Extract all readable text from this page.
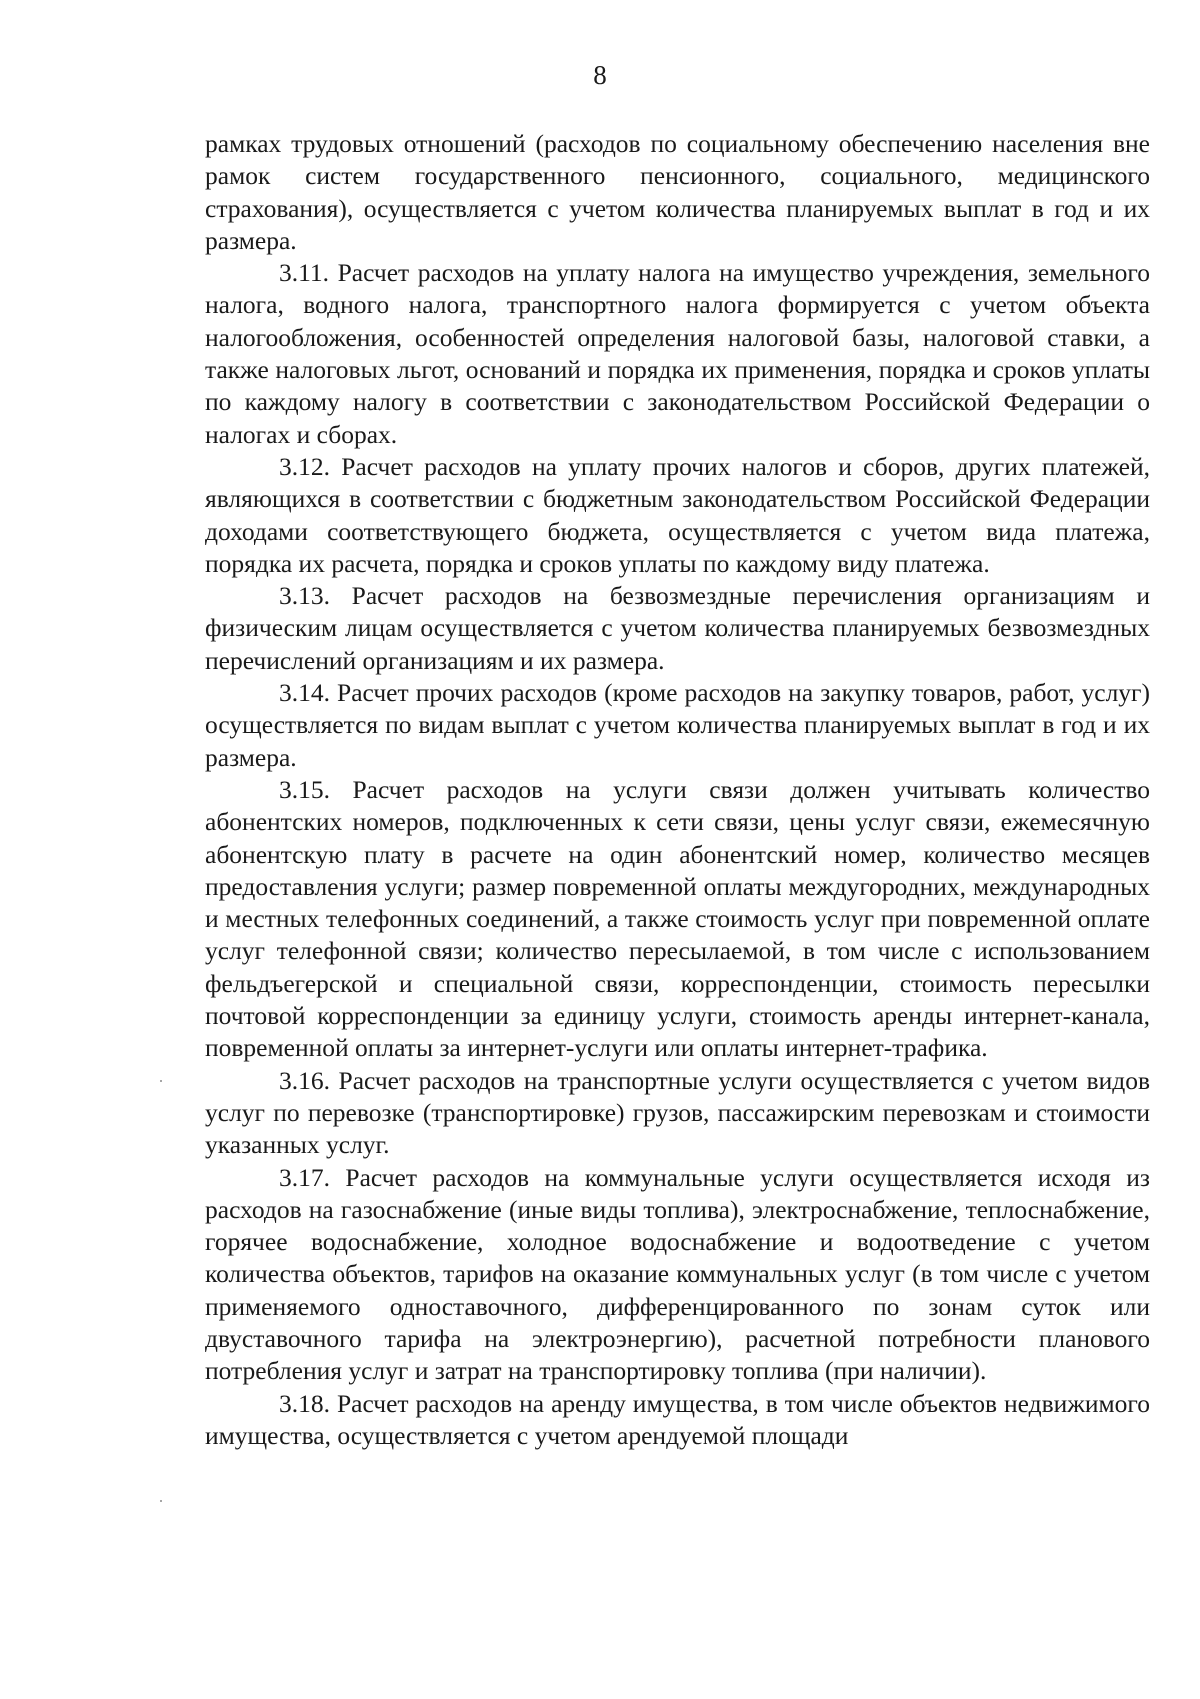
8

рамках трудовых отношений (расходов по социальному обеспечению населения вне рамок систем государственного пенсионного, социального, медицинского страхования), осуществляется с учетом количества планируемых выплат в год и их размера.

3.11. Расчет расходов на уплату налога на имущество учреждения, земельного налога, водного налога, транспортного налога формируется с учетом объекта налогообложения, особенностей определения налоговой базы, налоговой ставки, а также налоговых льгот, оснований и порядка их применения, порядка и сроков уплаты по каждому налогу в соответствии с законодательством Российской Федерации о налогах и сборах.

3.12. Расчет расходов на уплату прочих налогов и сборов, других платежей, являющихся в соответствии с бюджетным законодательством Российской Федерации доходами соответствующего бюджета, осуществляется с учетом вида платежа, порядка их расчета, порядка и сроков уплаты по каждому виду платежа.

3.13. Расчет расходов на безвозмездные перечисления организациям и физическим лицам осуществляется с учетом количества планируемых безвозмездных перечислений организациям и их размера.

3.14. Расчет прочих расходов (кроме расходов на закупку товаров, работ, услуг) осуществляется по видам выплат с учетом количества планируемых выплат в год и их размера.

3.15. Расчет расходов на услуги связи должен учитывать количество абонентских номеров, подключенных к сети связи, цены услуг связи, ежемесячную абонентскую плату в расчете на один абонентский номер, количество месяцев предоставления услуги; размер повременной оплаты междугородних, международных и местных телефонных соединений, а также стоимость услуг при повременной оплате услуг телефонной связи; количество пересылаемой, в том числе с использованием фельдъегерской и специальной связи, корреспонденции, стоимость пересылки почтовой корреспонденции за единицу услуги, стоимость аренды интернет-канала, повременной оплаты за интернет-услуги или оплаты интернет-трафика.

3.16. Расчет расходов на транспортные услуги осуществляется с учетом видов услуг по перевозке (транспортировке) грузов, пассажирским перевозкам и стоимости указанных услуг.

3.17. Расчет расходов на коммунальные услуги осуществляется исходя из расходов на газоснабжение (иные виды топлива), электроснабжение, теплоснабжение, горячее водоснабжение, холодное водоснабжение и водоотведение с учетом количества объектов, тарифов на оказание коммунальных услуг (в том числе с учетом применяемого одноставочного, дифференцированного по зонам суток или двуставочного тарифа на электроэнергию), расчетной потребности планового потребления услуг и затрат на транспортировку топлива (при наличии).

3.18. Расчет расходов на аренду имущества, в том числе объектов недвижимого имущества, осуществляется с учетом арендуемой площади
